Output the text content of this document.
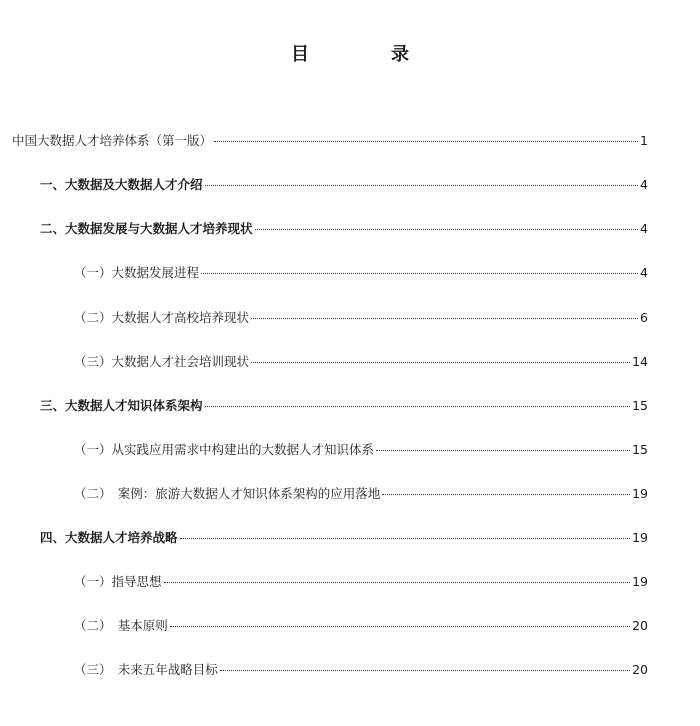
目　录
中国大数据人才培养体系（第一版）	1
一、大数据及大数据人才介绍	4
二、大数据发展与大数据人才培养现状	4
（一）大数据发展进程	4
（二）大数据人才高校培养现状	6
（三）大数据人才社会培训现状	14
三、大数据人才知识体系架构	15
（一）从实践应用需求中构建出的大数据人才知识体系	15
（二）　案例：旅游大数据人才知识体系架构的应用落地	19
四、大数据人才培养战略	19
（一）指导思想	19
（二）　基本原则	20
（三）　未来五年战略目标	20
